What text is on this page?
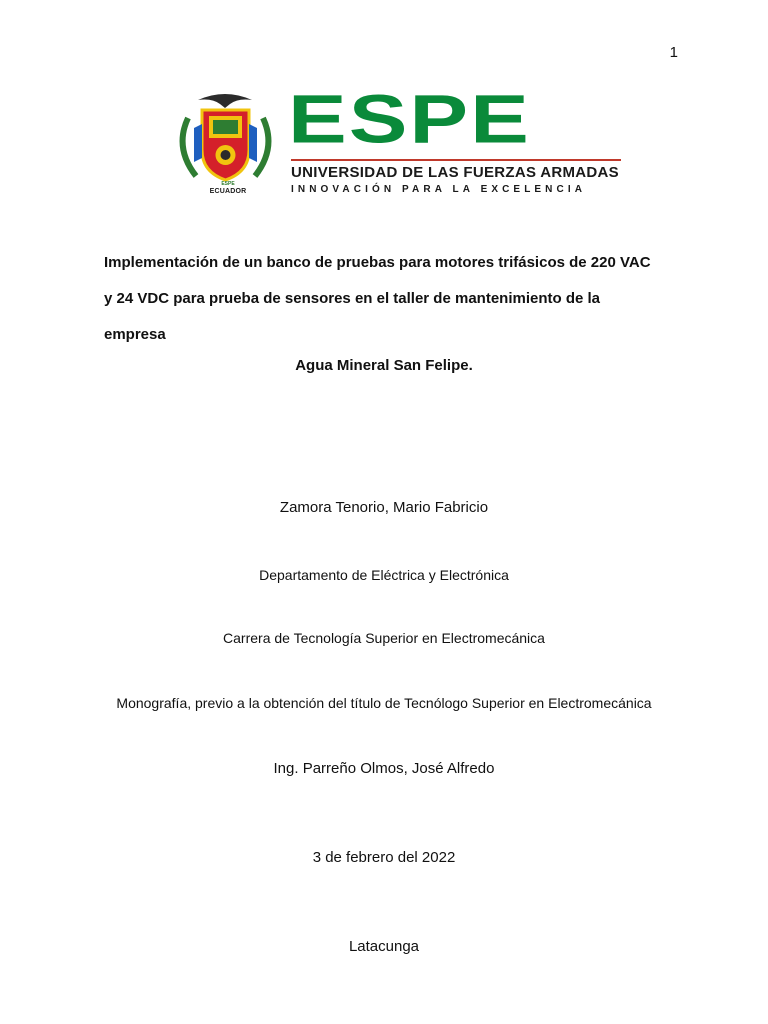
1
ESPE
ECUADOR
ESPE
UNIVERSIDAD DE LAS FUERZAS ARMADAS
INNOVACIÓN PARA LA EXCELENCIA
Implementación de un banco de pruebas para motores trifásicos de 220 VAC
y 24 VDC para prueba de sensores en el taller de mantenimiento de la
empresa
Agua Mineral San Felipe.
Zamora Tenorio, Mario Fabricio
Departamento de Eléctrica y Electrónica
Carrera de Tecnología Superior en Electromecánica
Monografía, previo a la obtención del título de Tecnólogo Superior en Electromecánica
Ing. Parreño Olmos, José Alfredo
3 de febrero del 2022
Latacunga
